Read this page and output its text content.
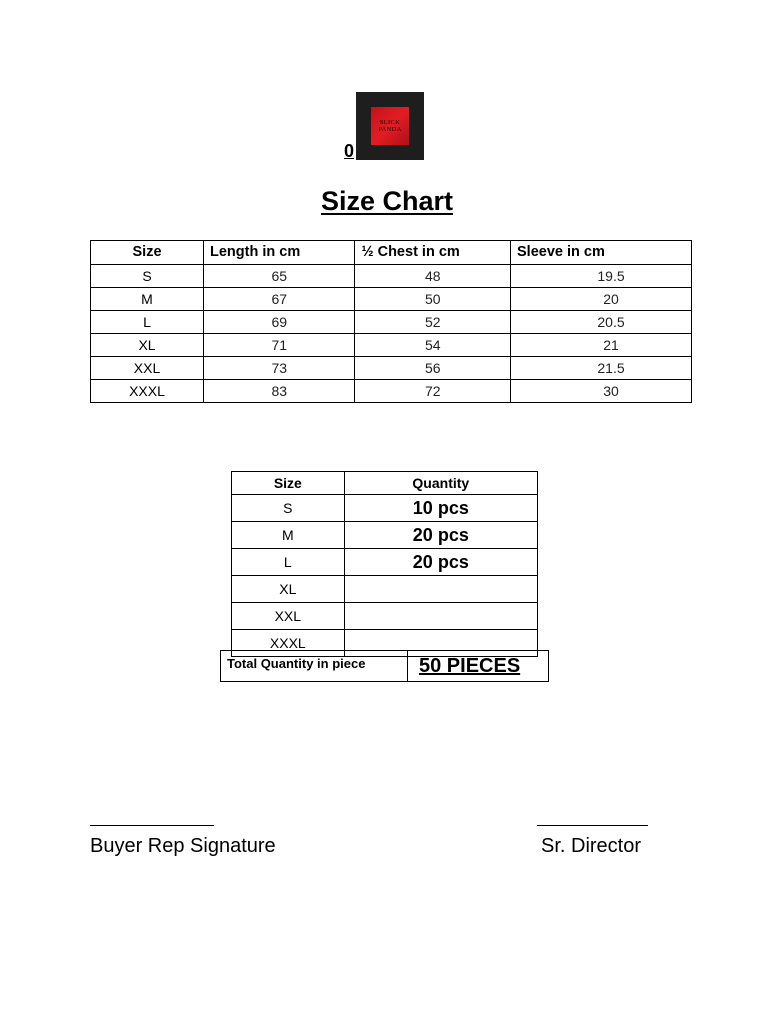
SLICK
PANDA
0
Size Chart
Size	Length in cm	½ Chest in cm	Sleeve in cm
S	65	48	19.5
M	67	50	20
L	69	52	20.5
XL	71	54	21
XXL	73	56	21.5
XXXL	83	72	30
Size	Quantity
S	10 pcs
M	20 pcs
L	20 pcs
XL	
XXL	
XXXL	
Total Quantity in piece	50 PIECES
Buyer Rep Signature	Sr. Director
